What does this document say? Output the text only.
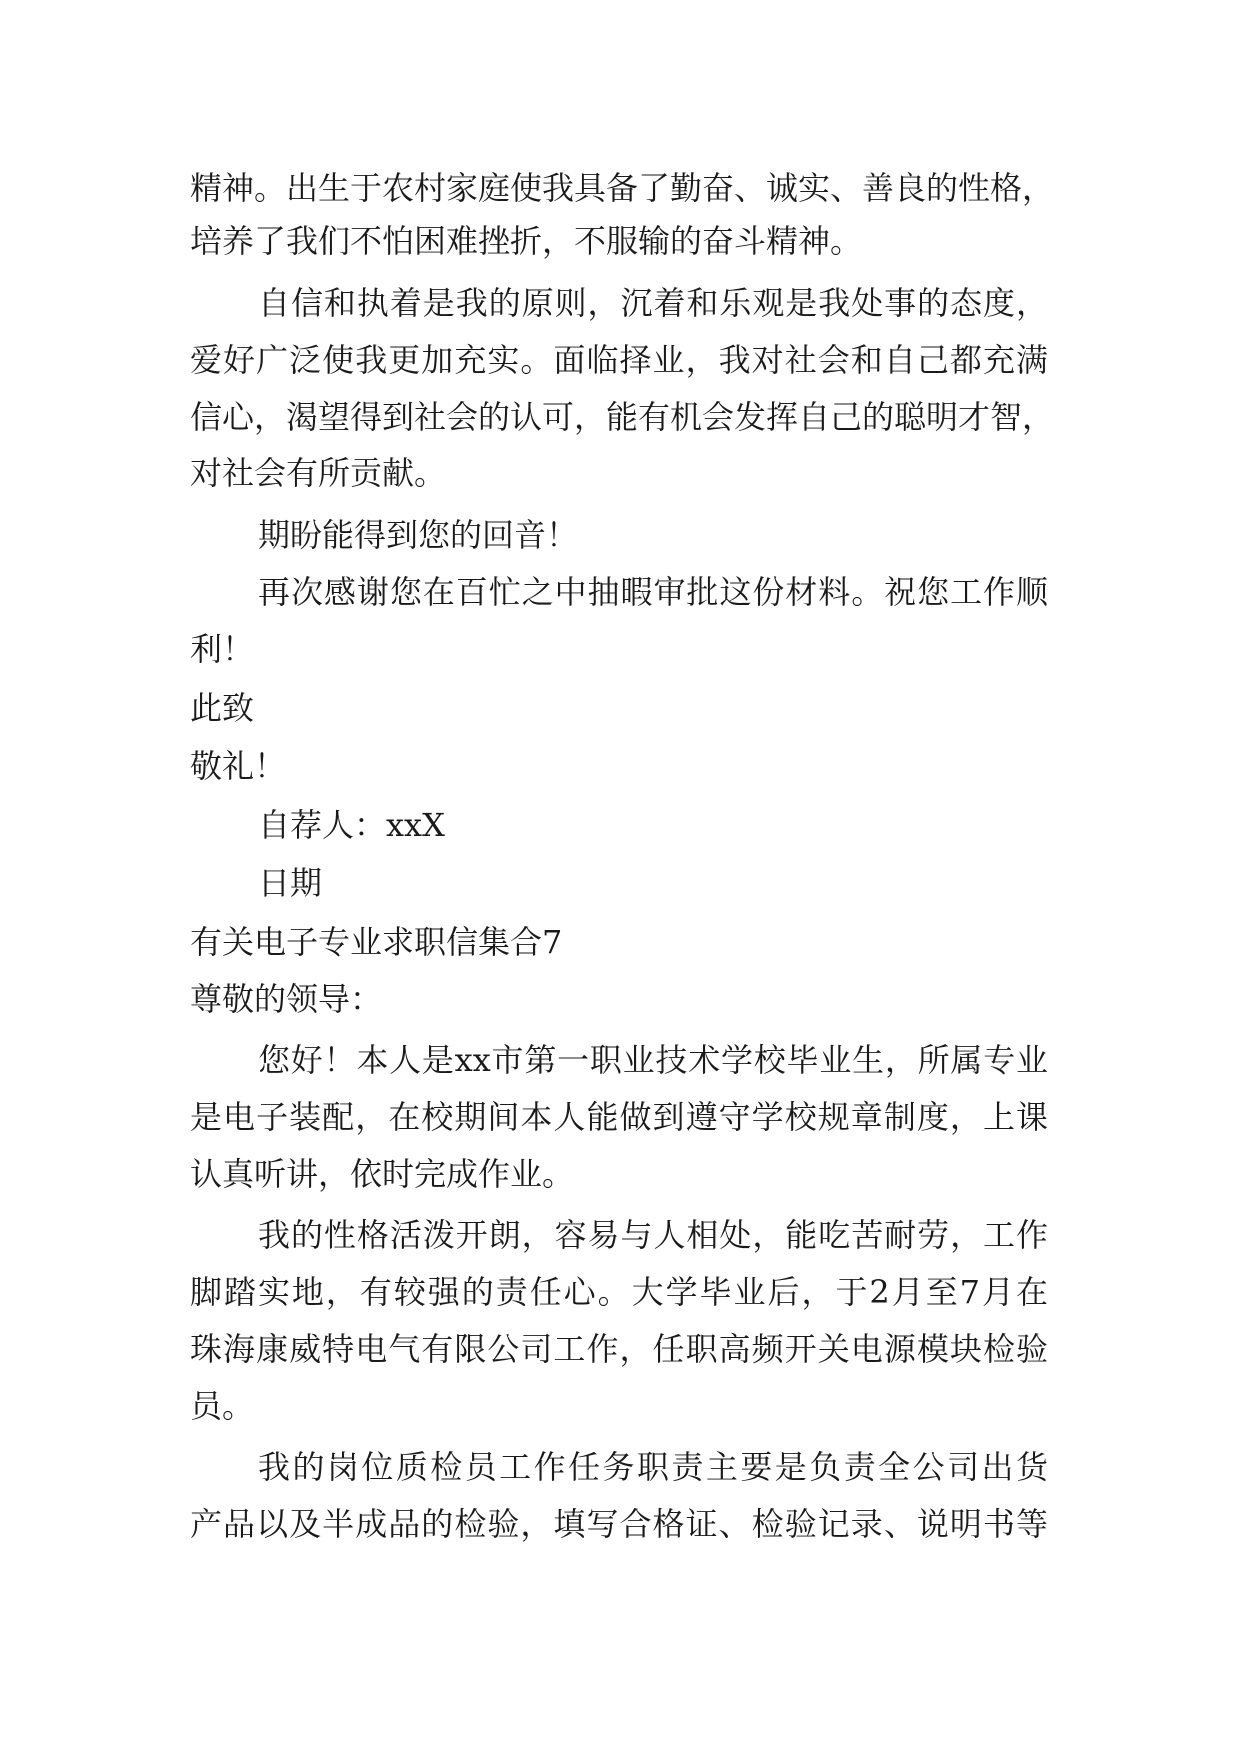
精神。出生于农村家庭使我具备了勤奋、诚实、善良的性格，
培养了我们不怕困难挫折，不服输的奋斗精神。
自信和执着是我的原则，沉着和乐观是我处事的态度，
爱好广泛使我更加充实。面临择业，我对社会和自己都充满
信心，渴望得到社会的认可，能有机会发挥自己的聪明才智，
对社会有所贡献。
期盼能得到您的回音！
再次感谢您在百忙之中抽暇审批这份材料。祝您工作顺
利！
此致
敬礼！
自荐人：xxX
日期
有关电子专业求职信集合7
尊敬的领导：
您好！本人是xx市第一职业技术学校毕业生，所属专业
是电子装配，在校期间本人能做到遵守学校规章制度，上课
认真听讲，依时完成作业。
我的性格活泼开朗，容易与人相处，能吃苦耐劳，工作
脚踏实地，有较强的责任心。大学毕业后，于2月至7月在
珠海康威特电气有限公司工作，任职高频开关电源模块检验
员。
我的岗位质检员工作任务职责主要是负责全公司出货
产品以及半成品的检验，填写合格证、检验记录、说明书等
